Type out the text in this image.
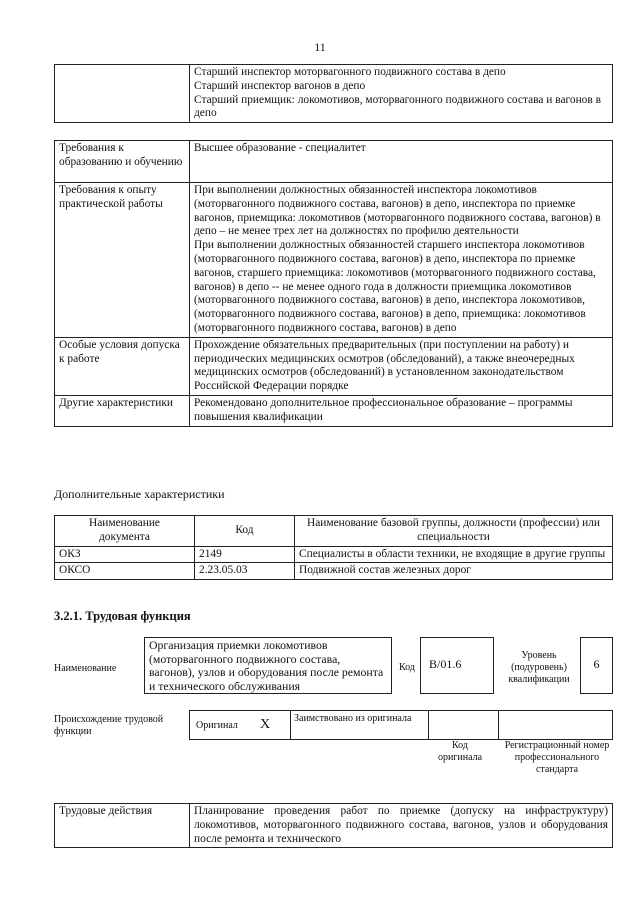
11
	Старший инспектор моторвагонного подвижного состава в депо
Старший инспектор вагонов в депо
Старший приемщик: локомотивов, моторвагонного подвижного состава и вагонов в депо
Требования к образованию и обучению	Высшее образование - специалитет
Требования к опыту практической работы	При выполнении должностных обязанностей инспектора локомотивов (моторвагонного подвижного состава, вагонов) в депо, инспектора по приемке вагонов, приемщика: локомотивов (моторвагонного подвижного состава, вагонов) в депо – не менее трех лет на должностях по профилю деятельности
При выполнении должностных обязанностей старшего инспектора локомотивов (моторвагонного подвижного состава, вагонов) в депо, инспектора по приемке вагонов, старшего приемщика: локомотивов (моторвагонного подвижного состава, вагонов) в депо -- не менее одного года в должности приемщика локомотивов (моторвагонного подвижного состава, вагонов) в депо, инспектора локомотивов, (моторвагонного подвижного состава, вагонов) в депо, приемщика: локомотивов (моторвагонного подвижного состава, вагонов) в депо
Особые условия допуска к работе	Прохождение обязательных предварительных (при поступлении на работу) и периодических медицинских осмотров (обследований), а также внеочередных медицинских осмотров (обследований) в установленном законодательством Российской Федерации порядке
Другие характеристики	Рекомендовано дополнительное профессиональное образование – программы повышения квалификации
Дополнительные характеристики
Наименование документа	Код	Наименование базовой группы, должности (профессии) или специальности
ОКЗ	2149	Специалисты в области техники, не входящие в другие группы
ОКСО	2.23.05.03	Подвижной состав железных дорог
3.2.1. Трудовая функция
Наименование
Организация приемки локомотивов (моторвагонного подвижного состава, вагонов), узлов и оборудования после ремонта и технического обслуживания
Код	В/01.6
Уровень (подуровень) квалификации
6
Происхождение трудовой функции
Оригинал X Заимствовано из оригинала
Код оригинала
Регистрационный номер профессионального стандарта
Трудовые действия	Планирование проведения работ по приемке (допуску на инфраструктуру) локомотивов, моторвагонного подвижного состава, вагонов, узлов и оборудования после ремонта и технического
